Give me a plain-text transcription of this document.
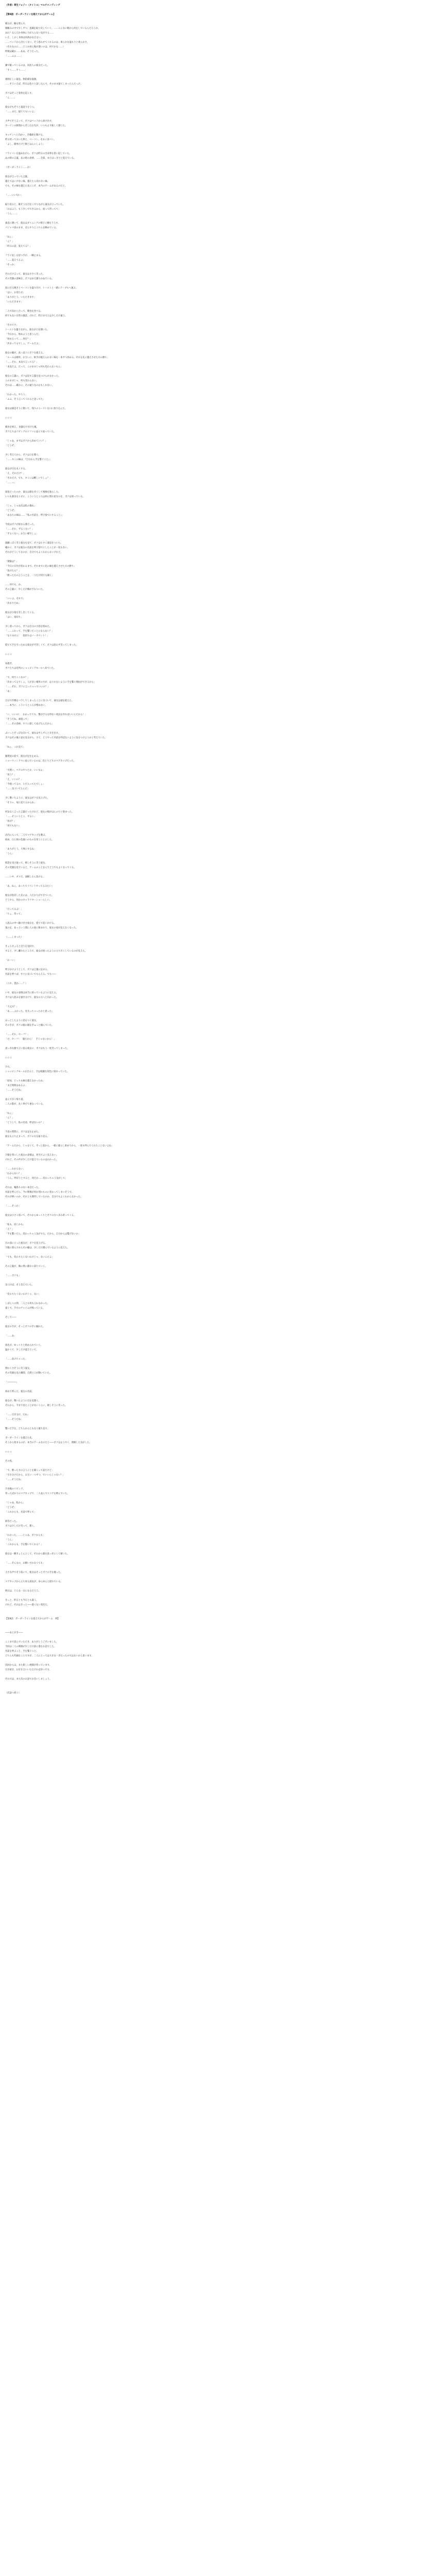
〈作者〉寄生フォジー〈タイトル〉マルチエンディング
【第8話：ボーダーラインを超えてからがゲーム】
朝日が、瞼を照らす。
微睡みの中で少しずつ、意識を取り戻していく。……こんなに朝から何をしているんだろうか。
あれ？なんだか身体に力が入らない気がする……
いえ、しかし身体は何故か抗えない。
……ベッドから出たくない。そう思わせてくれるのは、柔らかな温もりと柔らかさ。
（それなのに……どこか居心地が悪いのは、何でかな……）
昨晩は確か……ああ、そうだった。
「……ふぁ……」
隣で眠っているのは、同居人の彼女だった。
「すぅ……すぅ……」
規則正しい寝息。無防備な寝顔。
……そういえば、昨日は色々と話し込んで、そのまま寝てしまったんだっけ。
ボクはそっと身体を起こす。
「ん……」
彼女がもぞりと寝返りをうつ。
「……まだ、寝ててもいいよ」
小声でそう言って、ボクはベッドから抜け出す。
カーテンの隙間から差し込む光が、いつもより眩しく感じた。
キッチンへと向かい、冷蔵庫を開ける。
昨日買っておいた卵と、ベーコン。それに食パン。
「よし、簡単だけど朝ごはんにしよう」
フライパンを温めながら、ボクは昨日の出来事を思い返していた。
あの時の言葉。あの時の表情。……全部、まだはっきりと覚えている。
（ボーダーライン……か）
彼女が言っていた言葉。
越えてはいけない線。越えたら戻れない線。
でも、その線を越えた先にこそ、本当のゲームがあるのだと。
「……いい匂い」
振り返ると、眠そうな目をこすりながら彼女が立っていた。
「おはよう。もう少しでできるから、座って待ってて」
「うん……」
素直に頷いて、彼女はダイニングの椅子に腰を下ろす。
パジャマ姿のまま、ぼんやりとこちらを眺めている。
「ねぇ」
「ん？」
「昨日の話、覚えてる？」
フライ返しを持つ手が、一瞬止まる。
「……覚えてるよ」
「そっか」
それだけ言って、彼女は小さく笑った。
その笑顔の意味を、ボクはまだ測りかねている。
皿に目玉焼きとベーコンを盛り付け、トーストと一緒にテーブルへ運ぶ。
「はい、お待たせ」
「ありがとう。いただきます」
「いただきます」
二人で向かい合って、朝食を食べる。
何でもない日常の風景。けれど、昨日までとは少しだけ違う。
「それでさ」
トーストを齧りながら、彼女が口を開いた。
「今日から、始めようと思うんだ」
「始めるって……何を？」
「決まってるでしょ。ゲームだよ」
彼女の瞳が、真っ直ぐにボクを捉える。
「ルールは簡単。お互いに、相手が越えられない線を一本ずつ決める。それを先に越えさせた方の勝ち」
「……それ、本気で言ってる？」
「本気だよ。だって、このままじゃ何も変わらないもん」
彼女の言葉に、ボクは返す言葉を見つけられなかった。
このままじゃ、何も変わらない。
それは……確かに、その通りなのかもしれない。
「わかった。やろう」
「ふふ、そう言ってくれると思ってた」
彼女は満足そうに頷いて、残りのトーストを口に放り込んだ。
◇ ◇ ◇
朝食を終え、食器を片付けた後。
ボクたちはリビングのソファに並んで座っていた。
「じゃあ、まずはボクから決めていい？」
「どうぞ」
少し考えてから、ボクは口を開く。
「……キミの線は、『自分から手を繋ぐこと』」
彼女が目を丸くする。
「え、それだけ？」
「それだけ。でも、キミには難しいでしょ？」
「……っ」
図星だったのか、彼女は顔を赤くして視線を逸らした。
いつも強気なくせに、こういうところは妙に照れ屋なのを、ボクは知っている。
「じゃ、じゃあ次は私の番ね」
「どうぞ」
「あなたの線は……『私の名前を、呼び捨てにすること』」
今度はボクが固まる番だった。
「……それ、ずるくない？」
「ずるくない。お互い様でしょ」
悪戯っぽく笑う彼女を見て、ボクは小さく溜息をついた。
確かに、ボクは彼女の名前を呼び捨てにしたことが一度もない。
それがどうしてなのか、自分でもよくわからないけれど。
「期限は？」
「今日の日付が変わるまで。それまでに先に線を越えさせた方の勝ち」
「負けたら？」
「勝った方の言うことを、一つだけ何でも聞く」
……何でも、か。
その言葉に、少しだけ胸がざわついた。
「いいよ。それで」
「決まりだね」
彼女が小指を差し出してくる。
「はい、指切り」
少し迷ってから、ボクは自分の小指を絡めた。
「……これって、手を繋いだことにならない？」
「なりません！　指切りはノーカウント！」
慌てて手を引っ込める彼女が可笑しくて、ボクは思わず笑ってしまった。
◇ ◇ ◇
昼過ぎ。
ボクたちは近所のショッピングモールへ来ていた。
「で、何でここなの？」
「決まってるでしょ。人が多い場所の方が、はぐれないように手を繋ぐ理由ができるから」
「……それ、ボクに言っちゃっていいの？」
「あ」
自分で作戦をバラしてしまったことに気づいて、彼女は頭を抱えた。
……本当に、こういうところが憎めない。
「い、いいの！　わかってても、繋がざるを得ない状況を作ればいいんだから！」
「そうだね。頑張って」
「……その余裕、すぐに崩してあげるんだから」
ぷいっとそっぽを向いて、彼女はずんずんと歩き出す。
ボクはその後ろ姿を見ながら、さて、どうやって名前を呼ばないように気をつけようかと考えていた。
「ねぇ、これ見て」
雑貨屋の前で、彼女が足を止める。
ショーウィンドウに並んでいるのは、色とりどりのマグカップだった。
「可愛い。ペアのやつとか、いいなぁ」
「買う？」
「え、いいの？」
「今使ってるの、ヒビ入ってたでしょ」
「……気づいてたんだ」
少し驚いたように、彼女はボクを見上げた。
「そりゃ、毎日見てるからね」
何気なく言った言葉だったけれど、彼女の頬がほんのりと染まった。
「……そういうとこ、ずるい」
「何が？」
「何でもない」
店内に入って、二人でマグカップを選ぶ。
結局、白と紺の色違いのものを買うことにした。
「ありがとう。大事にするね」
「うん」
紙袋を受け取って、嬉しそうに笑う彼女。
その笑顔を見ていると、ゲームのことなんてどうでもよくなってくる。
……いや、ダメだ。油断したら負ける。
「あ、ねぇ。あっちでイベントやってるみたい」
彼女が指差した先には、人だかりができていた。
どうやら、何かのキャラクターショーらしい。
「行ってみよ！」
「ちょ、待って」
人混みの中へ駆け出す彼女を、慌てて追いかける。
案の定、あっという間に人の波に飲まれて、彼女の姿が見えなくなった。
（……しまった）
きょろきょろと辺りを見回す。
すると、少し離れたところで、彼女が困ったように立ち尽くしているのが見えた。
「おーい」
呼びかけようとして、ボクは言葉に詰まる。
名前を呼べば、すぐに気づいてもらえる。でも――
（これ、罠か……？）
いや、彼女の表情は本当に困っているように見える。
ボクは人混みを掻き分けて、彼女の元へと向かった。
「大丈夫？」
「あ……よかった。見失っちゃったかと思った」
ほっとしたように息をつく彼女。
その手が、ボクの服の裾をぎゅっと掴んでいた。
「……それ、セーフ？」
「せ、セーフ！　服だから！　手じゃないから！」
真っ赤な顔で言い張る彼女に、ボクはもう一度笑ってしまった。
◇ ◇ ◇
夕方。
ショッピングモールを出ると、空は綺麗な茜色に染まっていた。
「結局、どっちも線を越えなかったね」
「まだ時間はあるよ」
「……そうだね」
並んで歩く帰り道。
二人の影が、長く伸びて重なっている。
「ねぇ」
「ん？」
「どうして、私の名前、呼ばないの？」
不意の質問に、ボクは足を止めた。
彼女も立ち止まって、ボクの方を振り返る。
「ゲームだから、じゃなくて。ずっと前から。一緒に暮らし始めてから、一度も呼んでくれたことないよね」
夕陽を背にした彼女の表情は、逆光でよく見えない。
けれど、その声が少しだけ震えているのはわかった。
「……わからない」
「わからない？」
「うん。呼ぼうとすると、何だか……変わっちゃう気がして」
それは、嘘偽りのない本音だった。
名前を呼んだら、今の関係が何か別のものに変わってしまいそうで。
それが怖いのか、それとも期待しているのか、自分でもよくわからなかった。
「……そっか」
彼女は小さく呟いて、それからゆっくりとボクの方へ歩み寄ってくる。
「私も、同じかも」
「え？」
「手を繋いだら、変わっちゃう気がする。だから、自分からは繋げないの」
目の前に立った彼女が、ボクを見上げる。
夕陽に照らされたその瞳は、少しだけ潤んでいるように見えた。
「でも、変わりたくないわけじゃ、ないんだよ」
その言葉が、胸の奥に静かに落ちていく。
「……ボクも」
気づけば、そう答えていた。
「変わりたくないわけじゃ、ない」
しばらくの間、二人とも何も言わなかった。
遠くで、夕方のチャイムが鳴っている。
そして――
彼女の手が、そっとボクの手に触れた。
「……あ」
指先が、ゆっくりと絡められていく。
温かくて、少しだけ震えていて。
「……負けちゃった」
照れくさそうに笑う彼女。
その笑顔を見た瞬間、自然と口が動いていた。
「――――」
初めて呼んだ、彼女の名前。
彼女が、驚いたように目を見開く。
それから、今まで見たことがないくらい、嬉しそうに笑った。
「……引き分け、だね」
「……そうだね」
繋いだ手を、どちらからともなく握り直す。
ボーダーラインを越えた先。
そこから始まるのが、本当のゲームなのだと――ボクはようやく、理解した気がした。
◇ ◇ ◇
その夜。
「で、勝った方の言うことを聞くって話だけど」
「引き分けだから、お互い一つずつ、でいいんじゃない？」
「……そうだね」
夕食後のリビング。
買ったばかりのマグカップで、二人並んでココアを飲んでいた。
「じゃあ、私から」
「どうぞ」
「これからも、名前で呼んで」
即答だった。
ボクは少しだけ笑って、頷く。
「わかった。……じゃあ、ボクからも」
「うん」
「これからも、手を繋いでくれる？」
彼女は一瞬きょとんとして、それから顔を真っ赤にして俯いた。
「……そんなの、お願いされなくても」
小さな声でそう呟いて、彼女はそっとボクの手を握った。
マグカップから立ち昇る湯気が、ゆらゆらと揺れている。
明日は、どんな一日になるだろう。
きっと、昨日とも今日とも違う。
けれど、それはきっと――悪くない変化だ。
【第8話：ボーダーラインを超えてからがゲーム　終】
――あとがき――
ここまで読んでいただき、ありがとうございました。
今回は二人の関係が少しだけ前に進むお話でした。
名前を呼ぶこと、手を繋ぐこと。
どちらも些細なことですが、二人にとっては大きな一歩だったのではないかと思います。
次回からは、また新しい展開が待っています。
引き続き、お付き合いいただければ幸いです。
それでは、また次のお話でお会いしましょう。
（次話へ続く）
